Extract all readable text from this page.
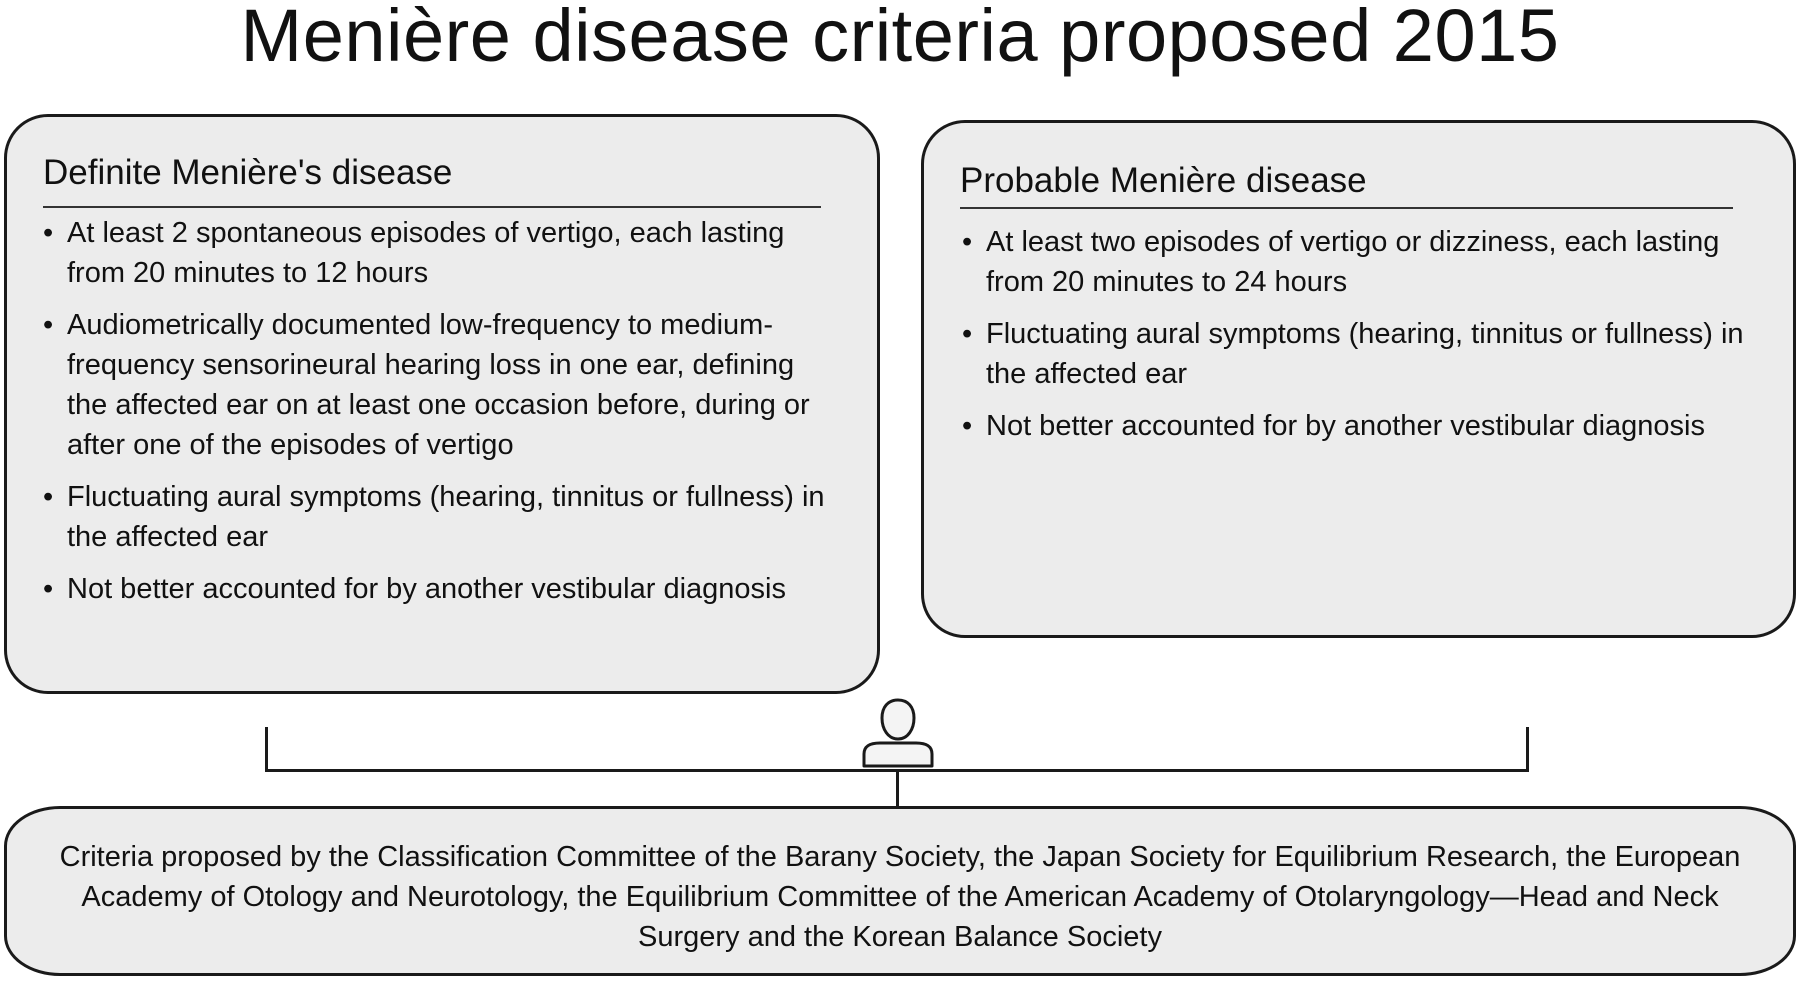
Menière disease criteria proposed 2015
Definite Menière's disease
• At least 2 spontaneous episodes of vertigo, each lasting from 20 minutes to 12 hours
• Audiometrically documented low-frequency to medium-frequency sensorineural hearing loss in one ear, defining the affected ear on at least one occasion before, during or after one of the episodes of vertigo
• Fluctuating aural symptoms (hearing, tinnitus or fullness) in the affected ear
• Not better accounted for by another vestibular diagnosis
Probable Menière disease
• At least two episodes of vertigo or dizziness, each lasting from 20 minutes to 24 hours
• Fluctuating aural symptoms (hearing, tinnitus or fullness) in the affected ear
• Not better accounted for by another vestibular diagnosis
Criteria proposed by the Classification Committee of the Barany Society, the Japan Society for Equilibrium Research, the European Academy of Otology and Neurotology, the Equilibrium Committee of the American Academy of Otolaryngology—Head and Neck Surgery and the Korean Balance Society
